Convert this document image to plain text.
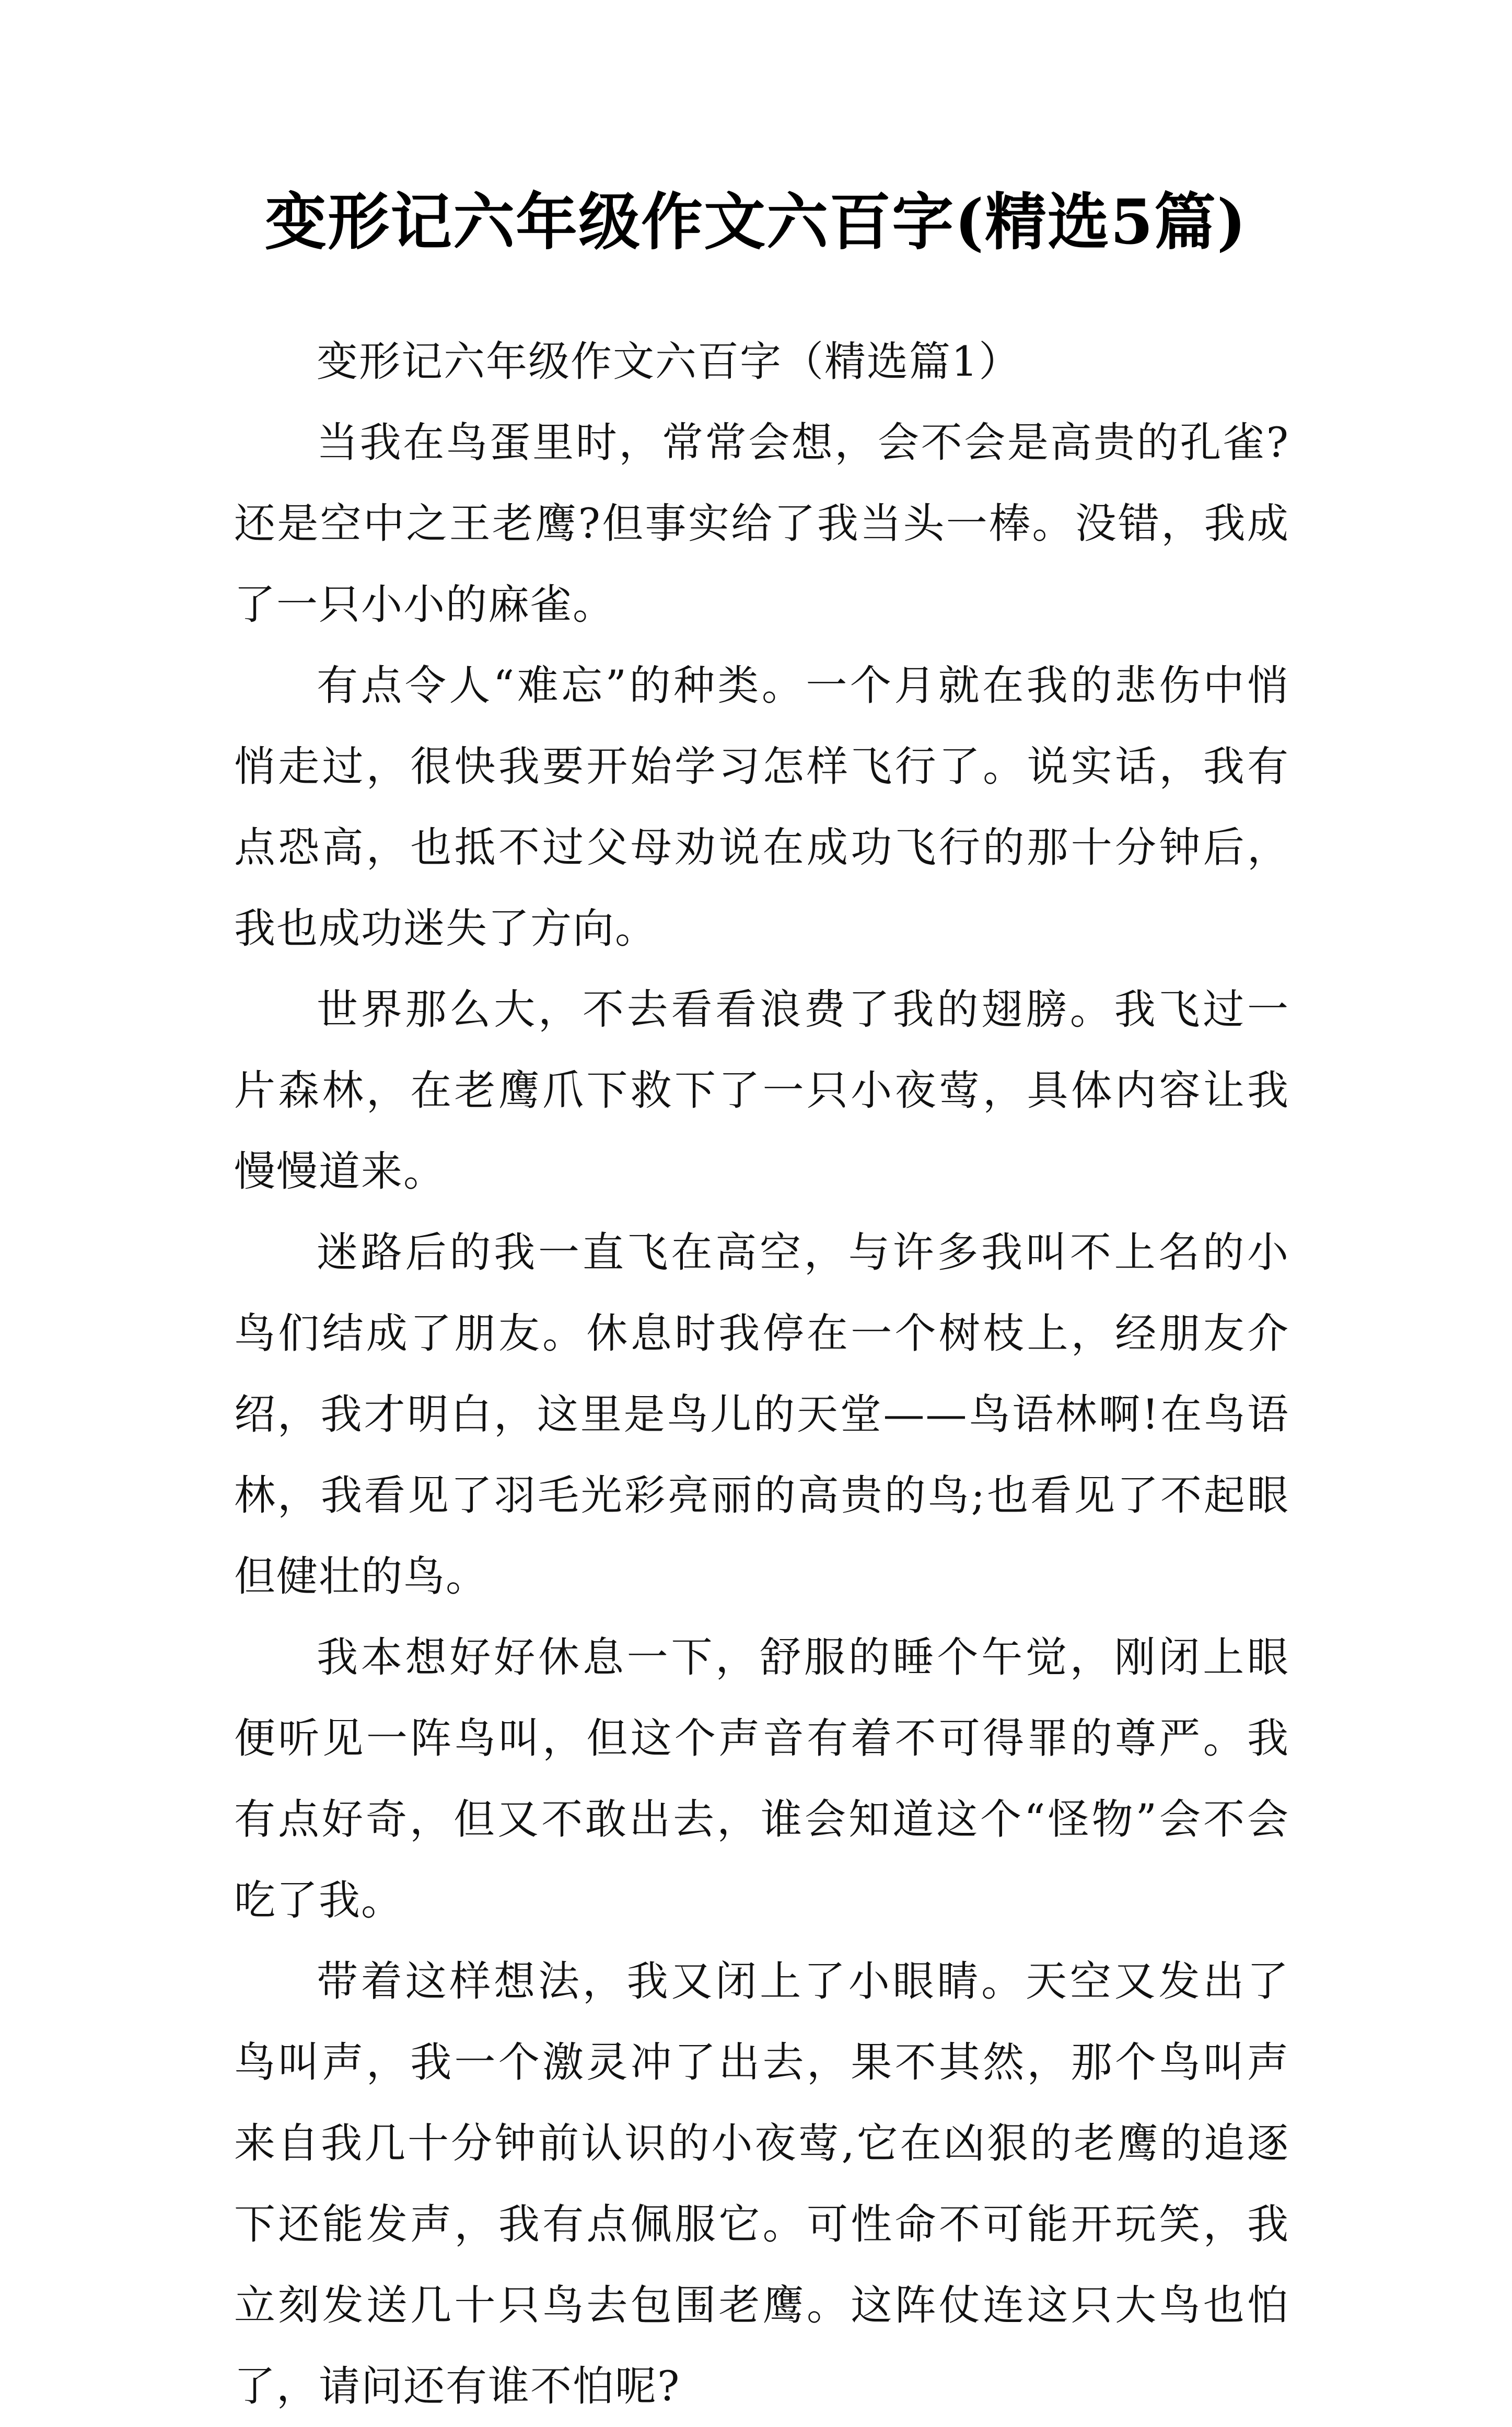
变形记六年级作文六百字(精选5篇)

变形记六年级作文六百字（精选篇1）

当我在鸟蛋里时，常常会想，会不会是高贵的孔雀?还是空中之王老鹰?但事实给了我当头一棒。没错，我成了一只小小的麻雀。

有点令人“难忘”的种类。一个月就在我的悲伤中悄悄走过，很快我要开始学习怎样飞行了。说实话，我有点恐高，也抵不过父母劝说在成功飞行的那十分钟后，我也成功迷失了方向。

世界那么大，不去看看浪费了我的翅膀。我飞过一片森林，在老鹰爪下救下了一只小夜莺，具体内容让我慢慢道来。

迷路后的我一直飞在高空，与许多我叫不上名的小鸟们结成了朋友。休息时我停在一个树枝上，经朋友介绍，我才明白，这里是鸟儿的天堂——鸟语林啊!在鸟语林，我看见了羽毛光彩亮丽的高贵的鸟;也看见了不起眼但健壮的鸟。

我本想好好休息一下，舒服的睡个午觉，刚闭上眼便听见一阵鸟叫，但这个声音有着不可得罪的尊严。我有点好奇，但又不敢出去，谁会知道这个“怪物”会不会吃了我。

带着这样想法，我又闭上了小眼睛。天空又发出了鸟叫声，我一个激灵冲了出去，果不其然，那个鸟叫声来自我几十分钟前认识的小夜莺,它在凶狠的老鹰的追逐下还能发声，我有点佩服它。可性命不可能开玩笑，我立刻发送几十只鸟去包围老鹰。这阵仗连这只大鸟也怕了，请问还有谁不怕呢?
